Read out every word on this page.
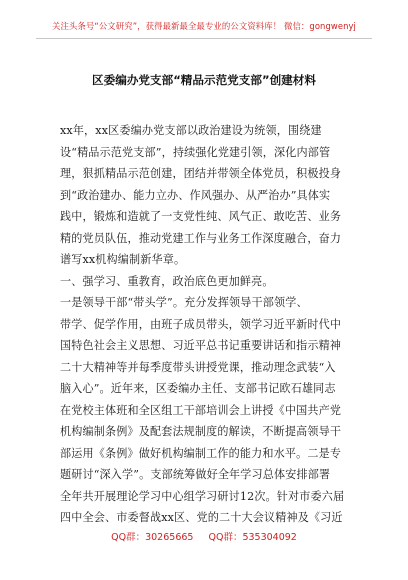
关注头条号“公文研究”，获得最新最全最专业的公文资料库！ 微信：gongwenyj
区委编办党支部“精品示范党支部”创建材料
xx年，xx区委编办党支部以政治建设为统领，围绕建
设“精品示范党支部”，持续强化党建引领，深化内部管
理，狠抓精品示范创建，团结并带领全体党员，积极投身
到“政治建办、能力立办、作风强办、从严治办”具体实
践中，锻炼和造就了一支党性纯、风气正、敢吃苦、业务
精的党员队伍，推动党建工作与业务工作深度融合，奋力
谱写xx机构编制新华章。
一、强学习、重教育，政治底色更加鲜亮。
一是领导干部“带头学”。充分发挥领导干部领学、
带学、促学作用，由班子成员带头，领学习近平新时代中
国特色社会主义思想、习近平总书记重要讲话和指示精神
二十大精神等并每季度带头讲授党课，推动理念武装“入
脑入心”。近年来，区委编办主任、支部书记欧石雄同志
在党校主体班和全区组工干部培训会上讲授《中国共产党
机构编制条例》及配套法规制度的解读，不断提高领导干
部运用《条例》做好机构编制工作的能力和水平。二是专
题研讨“深入学”。支部统筹做好全年学习总体安排部署
全年共开展理论学习中心组学习研讨12次。针对市委六届
四中全会、市委督战xx区、党的二十大会议精神及《习近
QQ群：30265665 QQ群：535304092
